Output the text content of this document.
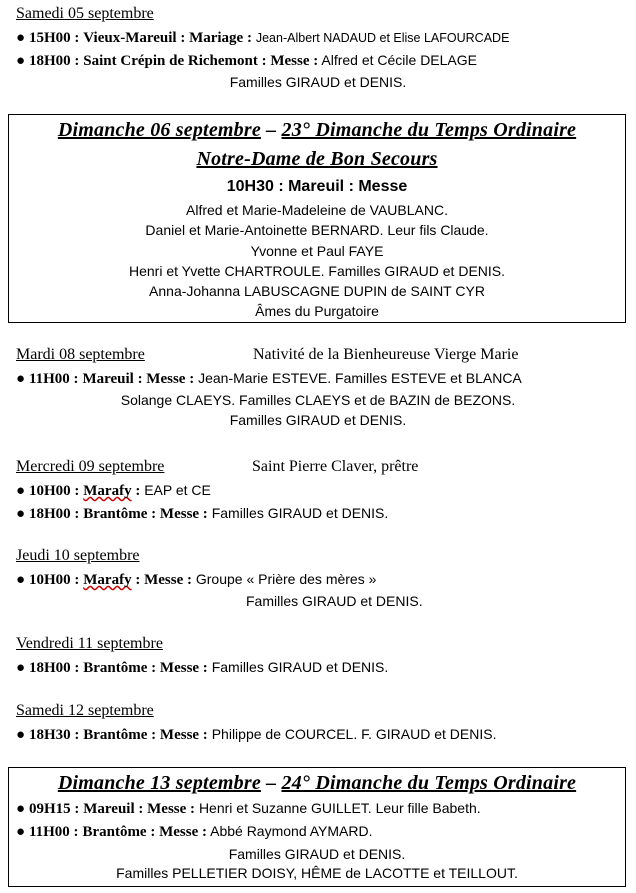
Samedi 05 septembre
● 15H00 : Vieux-Mareuil : Mariage : Jean-Albert NADAUD et Elise LAFOURCADE
● 18H00 : Saint Crépin de Richemont : Messe : Alfred et Cécile DELAGE
Familles GIRAUD et DENIS.
Dimanche 06 septembre – 23° Dimanche du Temps Ordinaire
Notre-Dame de Bon Secours
10H30 : Mareuil : Messe
Alfred et Marie-Madeleine de VAUBLANC.
Daniel et Marie-Antoinette BERNARD. Leur fils Claude.
Yvonne et Paul FAYE
Henri et Yvette CHARTROULE. Familles GIRAUD et DENIS.
Anna-Johanna LABUSCAGNE DUPIN de SAINT CYR
Âmes du Purgatoire
Mardi 08 septembre	Nativité de la Bienheureuse Vierge Marie
● 11H00 : Mareuil : Messe : Jean-Marie ESTEVE. Familles ESTEVE et BLANCA
Solange CLAEYS. Familles CLAEYS et de BAZIN de BEZONS.
Familles GIRAUD et DENIS.
Mercredi 09 septembre	Saint Pierre Claver, prêtre
● 10H00 : Marafy : EAP et CE
● 18H00 : Brantôme : Messe : Familles GIRAUD et DENIS.
Jeudi 10 septembre
● 10H00 : Marafy : Messe : Groupe « Prière des mères »
Familles GIRAUD et DENIS.
Vendredi 11 septembre
● 18H00 : Brantôme : Messe : Familles GIRAUD et DENIS.
Samedi 12 septembre
● 18H30 : Brantôme : Messe : Philippe de COURCEL. F. GIRAUD et DENIS.
Dimanche 13 septembre – 24° Dimanche du Temps Ordinaire
● 09H15 : Mareuil : Messe : Henri et Suzanne GUILLET. Leur fille Babeth.
● 11H00 : Brantôme : Messe : Abbé Raymond AYMARD.
Familles GIRAUD et DENIS.
Familles PELLETIER DOISY, HÊME de LACOTTE et TEILLOUT.
